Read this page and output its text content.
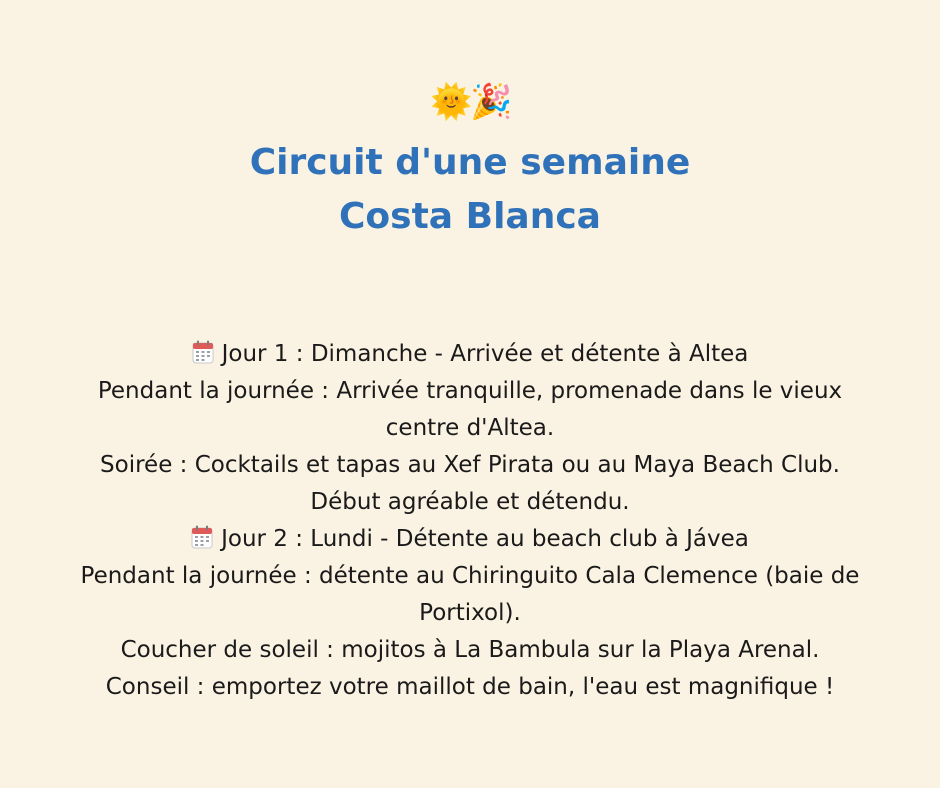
🌞🎉
Circuit d'une semaine
Costa Blanca
Jour 1 : Dimanche - Arrivée et détente à Altea
Pendant la journée : Arrivée tranquille, promenade dans le vieux
centre d'Altea.
Soirée : Cocktails et tapas au Xef Pirata ou au Maya Beach Club.
Début agréable et détendu.
Jour 2 : Lundi - Détente au beach club à Jávea
Pendant la journée : détente au Chiringuito Cala Clemence (baie de
Portixol).
Coucher de soleil : mojitos à La Bambula sur la Playa Arenal.
Conseil : emportez votre maillot de bain, l'eau est magnifique !
